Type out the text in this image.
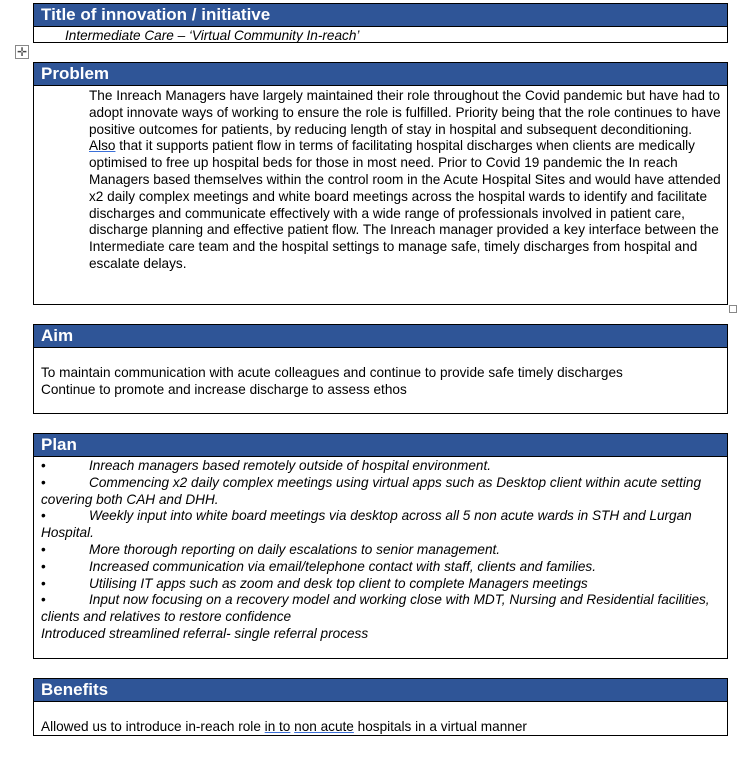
Title of innovation / initiative
Intermediate Care – ‘Virtual Community In-reach’
✛
Problem
The Inreach Managers have largely maintained their role throughout the Covid pandemic but have had to adopt innovate ways of working to ensure the role is fulfilled. Priority being that the role continues to have positive outcomes for patients, by reducing length of stay in hospital and subsequent deconditioning. Also that it supports patient flow in terms of facilitating hospital discharges when clients are medically optimised to free up hospital beds for those in most need. Prior to Covid 19 pandemic the In reach Managers based themselves within the control room in the Acute Hospital Sites and would have attended x2 daily complex meetings and white board meetings across the hospital wards to identify and facilitate discharges and communicate effectively with a wide range of professionals involved in patient care, discharge planning and effective patient flow. The Inreach manager provided a key interface between the Intermediate care team and the hospital settings to manage safe, timely discharges from hospital and escalate delays.
Aim
To maintain communication with acute colleagues and continue to provide safe timely discharges
Continue to promote and increase discharge to assess ethos
Plan
•	Inreach managers based remotely outside of hospital environment.
•	Commencing x2 daily complex meetings using virtual apps such as Desktop client within acute setting covering both CAH and DHH.
•	Weekly input into white board meetings via desktop across all 5 non acute wards in STH and Lurgan Hospital.
•	More thorough reporting on daily escalations to senior management.
•	Increased communication via email/telephone contact with staff, clients and families.
•	Utilising IT apps such as zoom and desk top client to complete Managers meetings
•	Input now focusing on a recovery model and working close with MDT, Nursing and Residential facilities, clients and relatives to restore confidence
Introduced streamlined referral- single referral process
Benefits
Allowed us to introduce in-reach role in to non acute hospitals in a virtual manner
